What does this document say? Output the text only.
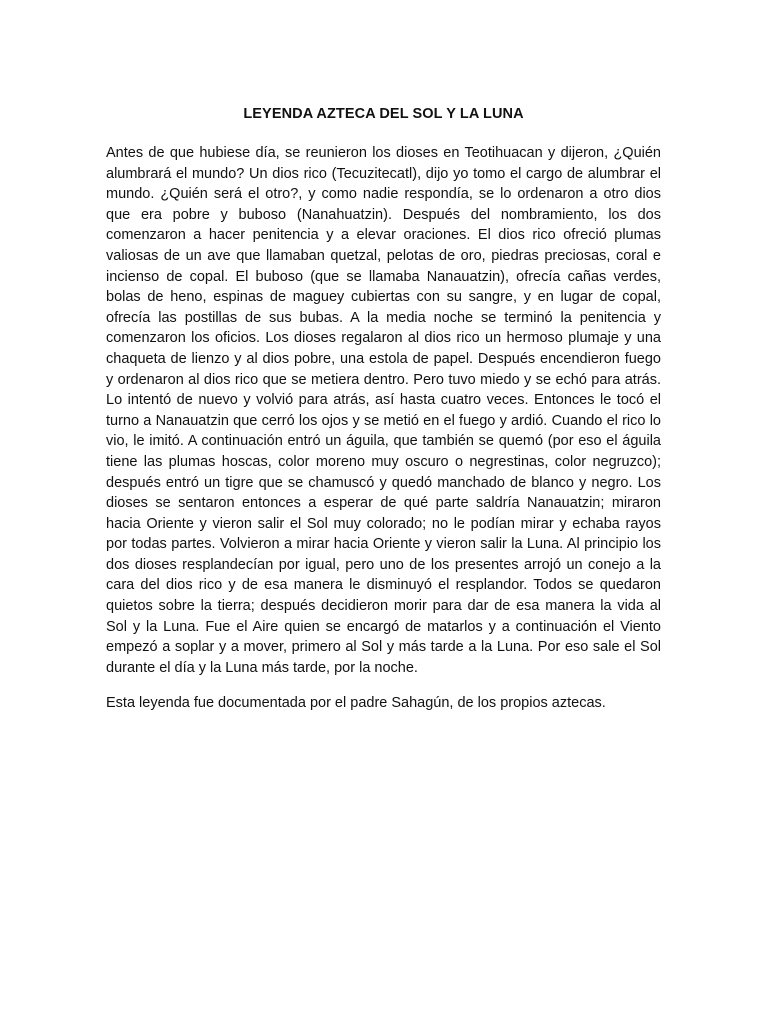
LEYENDA AZTECA DEL SOL Y LA LUNA

Antes de que hubiese día, se reunieron los dioses en Teotihuacan y dijeron, ¿Quién alumbrará el mundo? Un dios rico (Tecuzitecatl), dijo yo tomo el cargo de alumbrar el mundo. ¿Quién será el otro?, y como nadie respondía, se lo ordenaron a otro dios que era pobre y buboso (Nanahuatzin). Después del nombramiento, los dos comenzaron a hacer penitencia y a elevar oraciones. El dios rico ofreció plumas valiosas de un ave que llamaban quetzal, pelotas de oro, piedras preciosas, coral e incienso de copal. El buboso (que se llamaba Nanauatzin), ofrecía cañas verdes, bolas de heno, espinas de maguey cubiertas con su sangre, y en lugar de copal, ofrecía las postillas de sus bubas. A la media noche se terminó la penitencia y comenzaron los oficios. Los dioses regalaron al dios rico un hermoso plumaje y una chaqueta de lienzo y al dios pobre, una estola de papel. Después encendieron fuego y ordenaron al dios rico que se metiera dentro. Pero tuvo miedo y se echó para atrás. Lo intentó de nuevo y volvió para atrás, así hasta cuatro veces. Entonces le tocó el turno a Nanauatzin que cerró los ojos y se metió en el fuego y ardió. Cuando el rico lo vio, le imitó. A continuación entró un águila, que también se quemó (por eso el águila tiene las plumas hoscas, color moreno muy oscuro o negrestinas, color negruzco); después entró un tigre que se chamuscó y quedó manchado de blanco y negro. Los dioses se sentaron entonces a esperar de qué parte saldría Nanauatzin; miraron hacia Oriente y vieron salir el Sol muy colorado; no le podían mirar y echaba rayos por todas partes. Volvieron a mirar hacia Oriente y vieron salir la Luna. Al principio los dos dioses resplandecían por igual, pero uno de los presentes arrojó un conejo a la cara del dios rico y de esa manera le disminuyó el resplandor. Todos se quedaron quietos sobre la tierra; después decidieron morir para dar de esa manera la vida al Sol y la Luna. Fue el Aire quien se encargó de matarlos y a continuación el Viento empezó a soplar y a mover, primero al Sol y más tarde a la Luna. Por eso sale el Sol durante el día y la Luna más tarde, por la noche.

Esta leyenda fue documentada por el padre Sahagún, de los propios aztecas.
